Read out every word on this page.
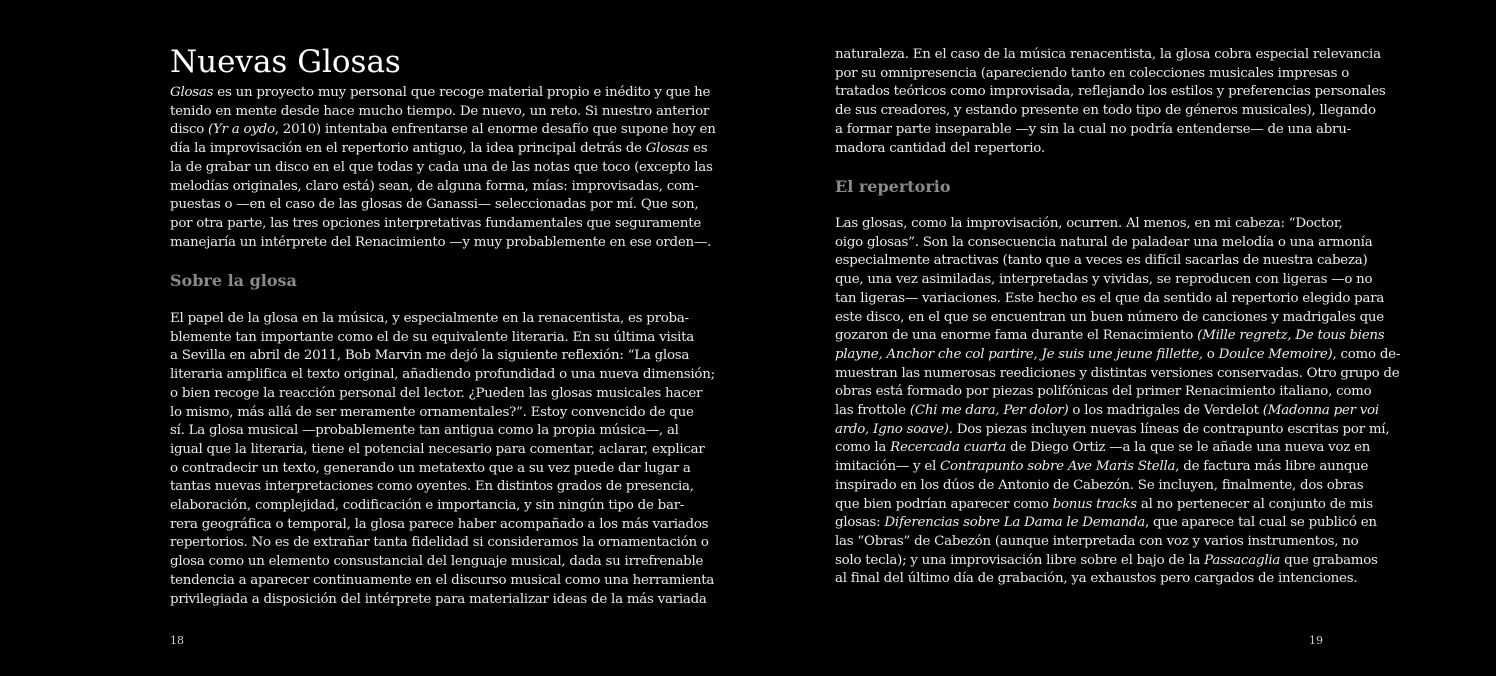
Nuevas Glosas
Glosas es un proyecto muy personal que recoge material propio e inédito y que he
tenido en mente desde hace mucho tiempo. De nuevo, un reto. Si nuestro anterior
disco (Yr a oydo, 2010) intentaba enfrentarse al enorme desafío que supone hoy en
día la improvisación en el repertorio antiguo, la idea principal detrás de Glosas es
la de grabar un disco en el que todas y cada una de las notas que toco (excepto las
melodías originales, claro está) sean, de alguna forma, mías: improvisadas, com-
puestas o —en el caso de las glosas de Ganassi— seleccionadas por mí. Que son,
por otra parte, las tres opciones interpretativas fundamentales que seguramente
manejaría un intérprete del Renacimiento —y muy probablemente en ese orden—.
Sobre la glosa
El papel de la glosa en la música, y especialmente en la renacentista, es proba-
blemente tan importante como el de su equivalente literaria. En su última visita
a Sevilla en abril de 2011, Bob Marvin me dejó la siguiente reflexión: “La glosa
literaria amplifica el texto original, añadiendo profundidad o una nueva dimensión;
o bien recoge la reacción personal del lector. ¿Pueden las glosas musicales hacer
lo mismo, más allá de ser meramente ornamentales?”. Estoy convencido de que
sí. La glosa musical —probablemente tan antigua como la propia música—, al
igual que la literaria, tiene el potencial necesario para comentar, aclarar, explicar
o contradecir un texto, generando un metatexto que a su vez puede dar lugar a
tantas nuevas interpretaciones como oyentes. En distintos grados de presencia,
elaboración, complejidad, codificación e importancia, y sin ningún tipo de bar-
rera geográfica o temporal, la glosa parece haber acompañado a los más variados
repertorios. No es de extrañar tanta fidelidad si consideramos la ornamentación o
glosa como un elemento consustancial del lenguaje musical, dada su irrefrenable
tendencia a aparecer continuamente en el discurso musical como una herramienta
privilegiada a disposición del intérprete para materializar ideas de la más variada
18
naturaleza. En el caso de la música renacentista, la glosa cobra especial relevancia
por su omnipresencia (apareciendo tanto en colecciones musicales impresas o
tratados teóricos como improvisada, reflejando los estilos y preferencias personales
de sus creadores, y estando presente en todo tipo de géneros musicales), llegando
a formar parte inseparable —y sin la cual no podría entenderse— de una abru-
madora cantidad del repertorio.
El repertorio
Las glosas, como la improvisación, ocurren. Al menos, en mi cabeza: “Doctor,
oigo glosas”. Son la consecuencia natural de paladear una melodía o una armonía
especialmente atractivas (tanto que a veces es difícil sacarlas de nuestra cabeza)
que, una vez asimiladas, interpretadas y vividas, se reproducen con ligeras —o no
tan ligeras— variaciones. Este hecho es el que da sentido al repertorio elegido para
este disco, en el que se encuentran un buen número de canciones y madrigales que
gozaron de una enorme fama durante el Renacimiento (Mille regretz, De tous biens
playne, Anchor che col partire, Je suis une jeune fillette, o Doulce Memoire), como de-
muestran las numerosas reediciones y distintas versiones conservadas. Otro grupo de
obras está formado por piezas polifónicas del primer Renacimiento italiano, como
las frottole (Chi me dara, Per dolor) o los madrigales de Verdelot (Madonna per voi
ardo, Igno soave). Dos piezas incluyen nuevas líneas de contrapunto escritas por mí,
como la Recercada cuarta de Diego Ortiz —a la que se le añade una nueva voz en
imitación— y el Contrapunto sobre Ave Maris Stella, de factura más libre aunque
inspirado en los dúos de Antonio de Cabezón. Se incluyen, finalmente, dos obras
que bien podrían aparecer como bonus tracks al no pertenecer al conjunto de mis
glosas: Diferencias sobre La Dama le Demanda, que aparece tal cual se publicó en
las “Obras” de Cabezón (aunque interpretada con voz y varios instrumentos, no
solo tecla); y una improvisación libre sobre el bajo de la Passacaglia que grabamos
al final del último día de grabación, ya exhaustos pero cargados de intenciones.
19
